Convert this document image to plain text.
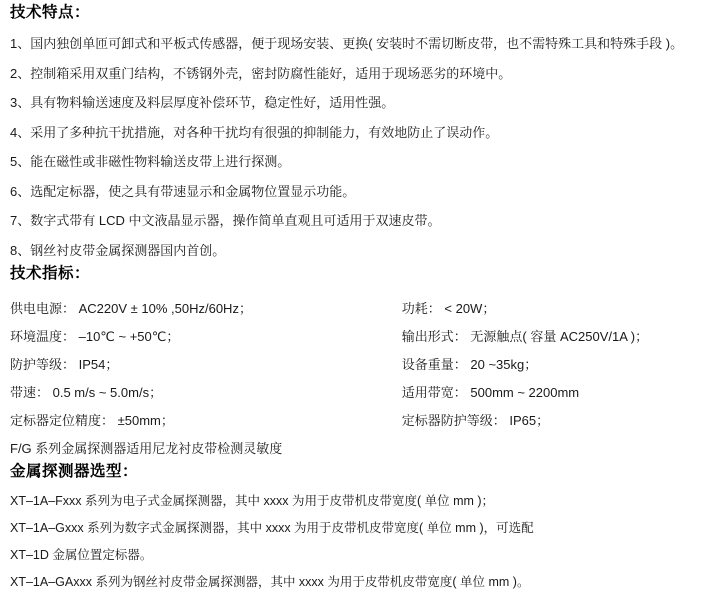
技术特点：
1、国内独创单匝可卸式和平板式传感器，便于现场安装、更换( 安装时不需切断皮带，也不需特殊工具和特殊手段 )。
2、控制箱采用双重门结构，不锈钢外壳，密封防腐性能好，适用于现场恶劣的环境中。
3、具有物料输送速度及料层厚度补偿环节，稳定性好，适用性强。
4、采用了多种抗干扰措施，对各种干扰均有很强的抑制能力，有效地防止了误动作。
5、能在磁性或非磁性物料输送皮带上进行探测。
6、选配定标器，使之具有带速显示和金属物位置显示功能。
7、数字式带有 LCD 中文液晶显示器，操作简单直观且可适用于双速皮带。
8、钢丝衬皮带金属探测器国内首创。
技术指标：
供电电源： AC220V ± 10% ,50Hz/60Hz；	功耗： < 20W；
环境温度： –10℃ ~ +50℃；	输出形式： 无源触点( 容量 AC250V/1A )；
防护等级： IP54；	设备重量： 20 ~35kg；
带速： 0.5 m/s ~ 5.0m/s；	适用带宽： 500mm ~ 2200mm
定标器定位精度： ±50mm；	定标器防护等级： IP65；
F/G 系列金属探测器适用尼龙衬皮带检测灵敏度
金属探测器选型：
XT–1A–Fxxx 系列为电子式金属探测器，其中 xxxx 为用于皮带机皮带宽度( 单位 mm )；
XT–1A–Gxxx 系列为数字式金属探测器，其中 xxxx 为用于皮带机皮带宽度( 单位 mm )，可选配
XT–1D 金属位置定标器。
XT–1A–GAxxx 系列为钢丝衬皮带金属探测器，其中 xxxx 为用于皮带机皮带宽度( 单位 mm )。
